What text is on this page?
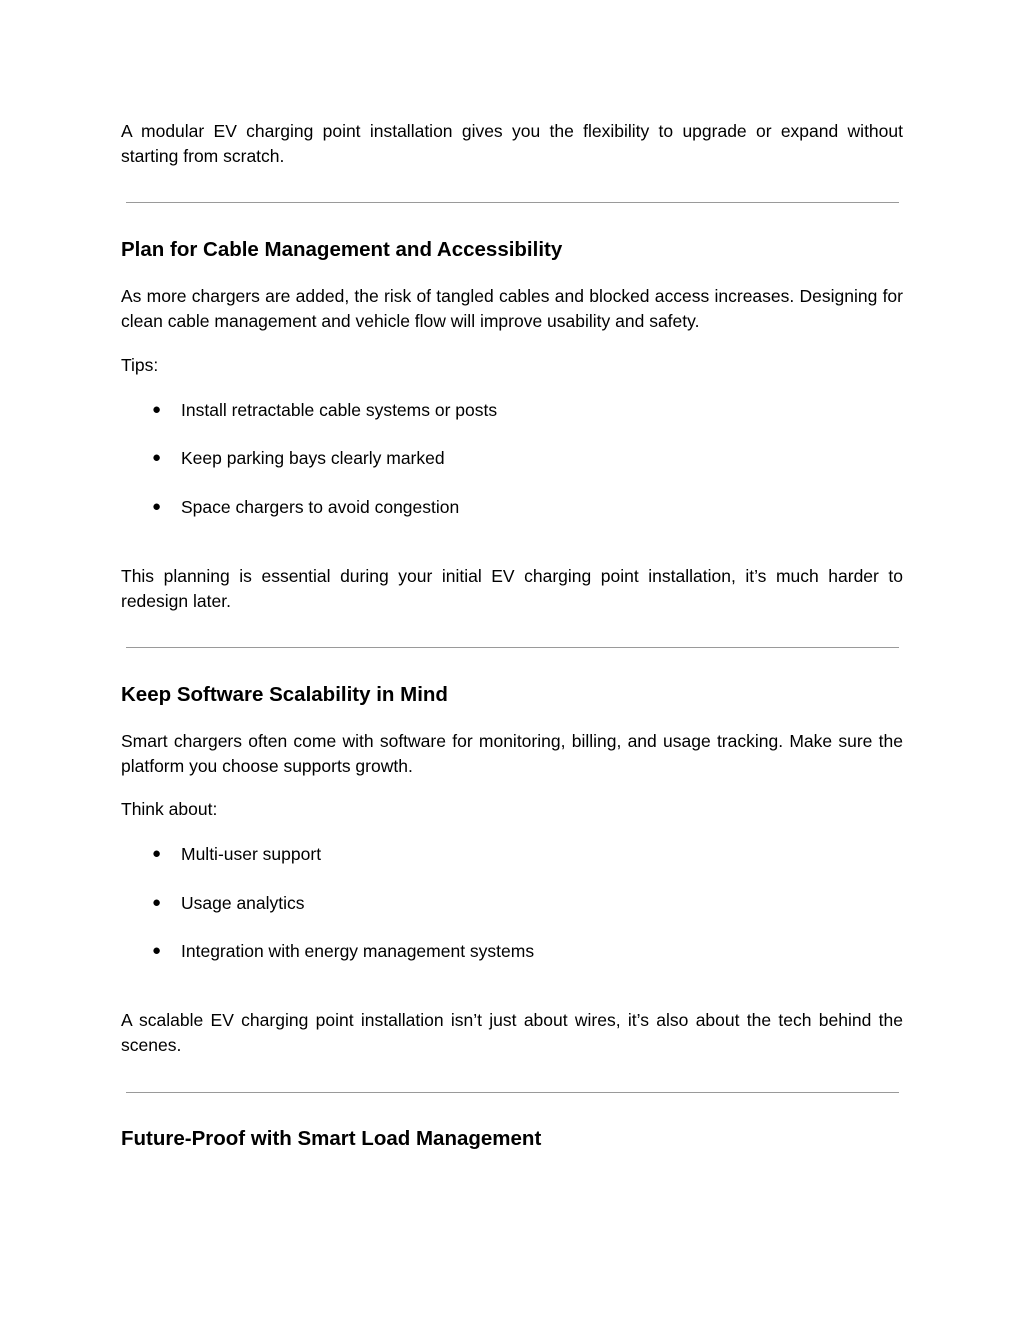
A modular EV charging point installation gives you the flexibility to upgrade or expand without starting from scratch.

Plan for Cable Management and Accessibility

As more chargers are added, the risk of tangled cables and blocked access increases. Designing for clean cable management and vehicle flow will improve usability and safety.

Tips:

● Install retractable cable systems or posts
● Keep parking bays clearly marked
● Space chargers to avoid congestion

This planning is essential during your initial EV charging point installation, it’s much harder to redesign later.

Keep Software Scalability in Mind

Smart chargers often come with software for monitoring, billing, and usage tracking. Make sure the platform you choose supports growth.

Think about:

● Multi-user support
● Usage analytics
● Integration with energy management systems

A scalable EV charging point installation isn’t just about wires, it’s also about the tech behind the scenes.

Future-Proof with Smart Load Management
